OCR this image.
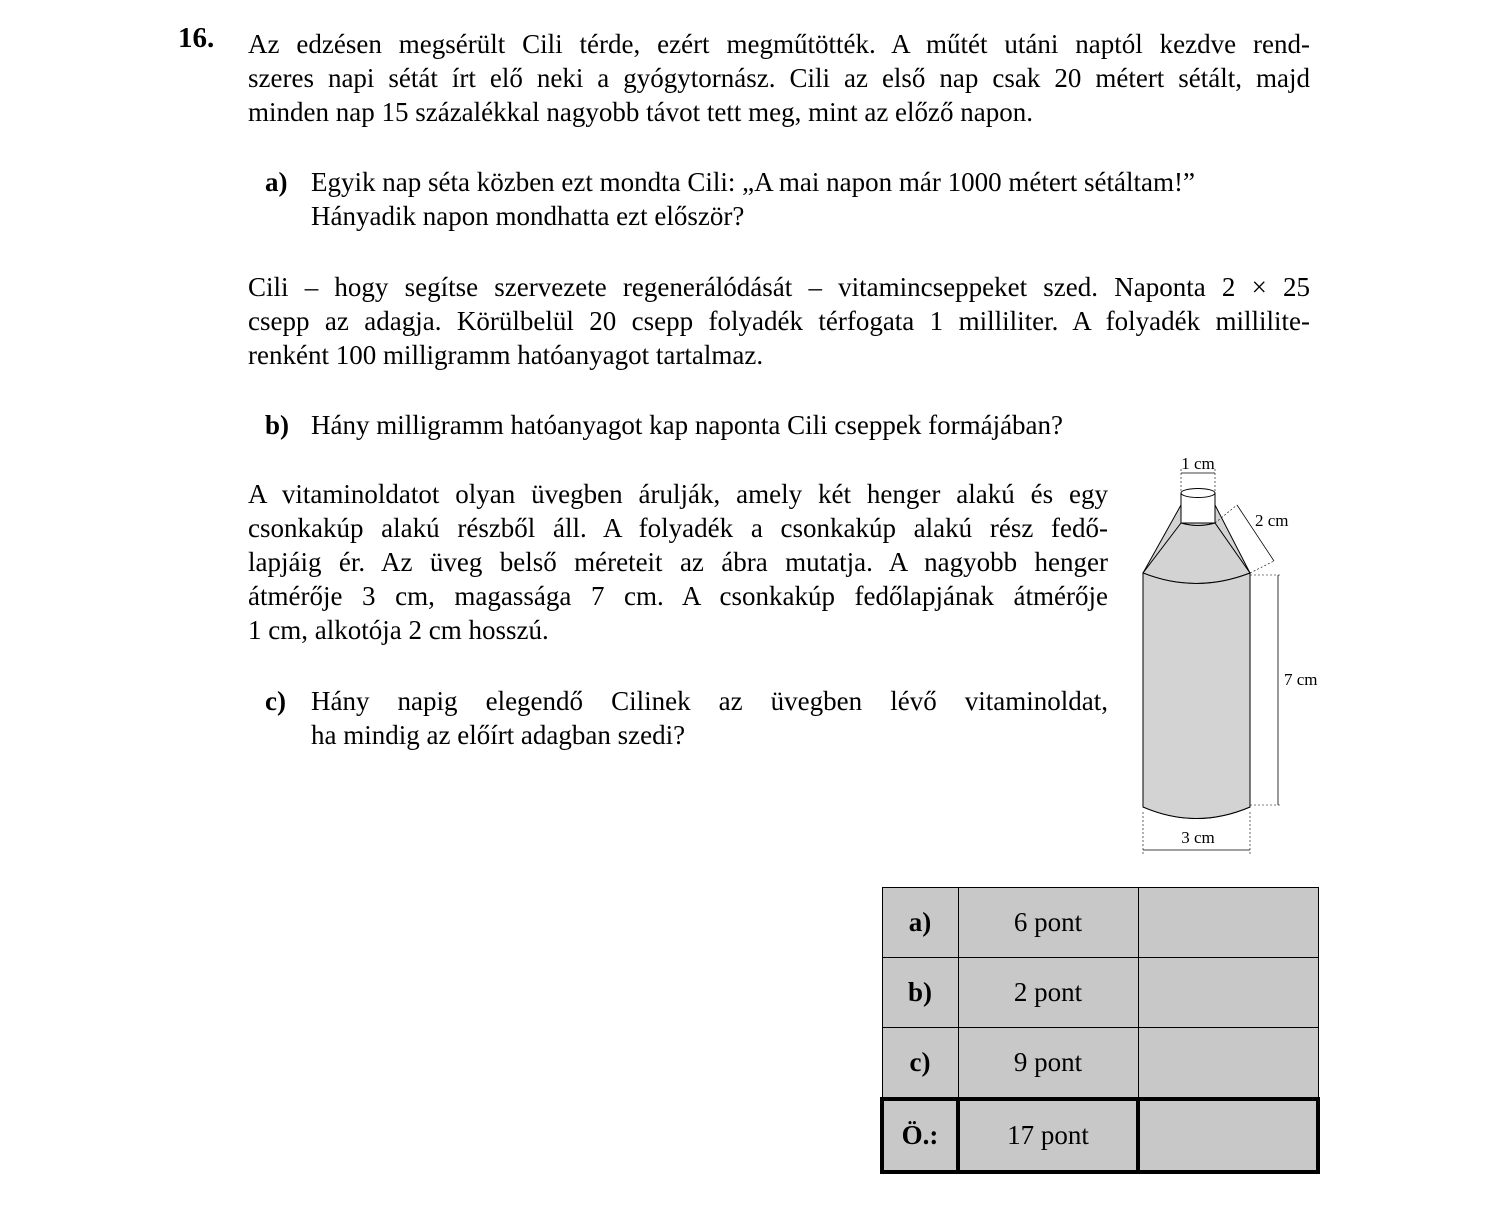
16. Az edzésen megsérült Cili térde, ezért megműtötték. A műtét utáni naptól kezdve rend-
szeres napi sétát írt elő neki a gyógytornász. Cili az első nap csak 20 métert sétált, majd
minden nap 15 százalékkal nagyobb távot tett meg, mint az előző napon.
a) Egyik nap séta közben ezt mondta Cili: „A mai napon már 1000 métert sétáltam!”
Hányadik napon mondhatta ezt először?
Cili – hogy segítse szervezete regenerálódását – vitamincseppeket szed. Naponta 2 × 25
csepp az adagja. Körülbelül 20 csepp folyadék térfogata 1 milliliter. A folyadék millilite-
renként 100 milligramm hatóanyagot tartalmaz.
b) Hány milligramm hatóanyagot kap naponta Cili cseppek formájában?
A vitaminoldatot olyan üvegben árulják, amely két henger alakú és egy
csonkakúp alakú részből áll. A folyadék a csonkakúp alakú rész fedő-
lapjáig ér. Az üveg belső méreteit az ábra mutatja. A nagyobb henger
átmérője 3 cm, magassága 7 cm. A csonkakúp fedőlapjának átmérője
1 cm, alkotója 2 cm hosszú.
c) Hány napig elegendő Cilinek az üvegben lévő vitaminoldat,
ha mindig az előírt adagban szedi?
1 cm
2 cm
7 cm
3 cm
a)	6 pont	
b)	2 pont	
c)	9 pont	
Ö.:	17 pont	
